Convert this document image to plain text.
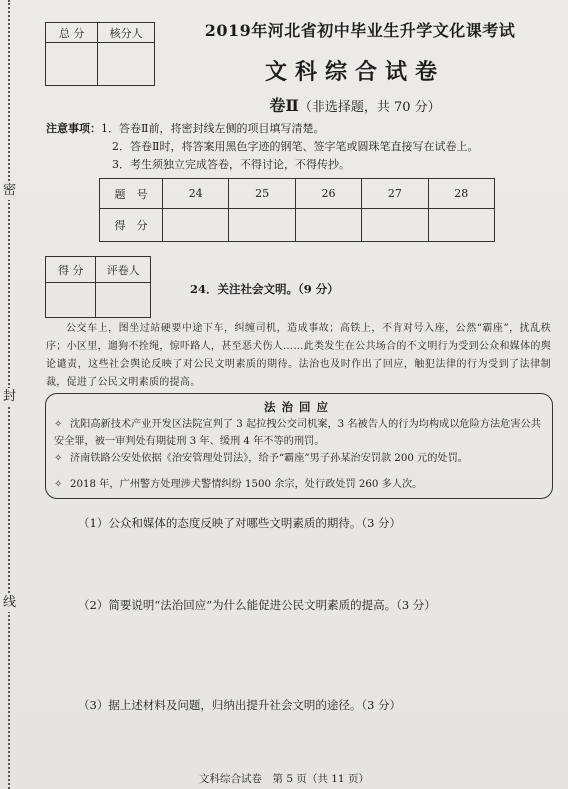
密
封
线
总 分	核分人
		2019年河北省初中毕业生升学文化课考试
文科综合试卷
卷Ⅱ（非选择题，共 70 分）
注意事项：1．答卷Ⅱ前，将密封线左侧的项目填写清楚。
2．答卷Ⅱ时，将答案用黑色字迹的钢笔、签字笔或圆珠笔直接写在试卷上。
3．考生须独立完成答卷，不得讨论，不得传抄。
题　号	24	25	26	27	28
得　分					
得 分	评卷人

24．关注社会文明。（9 分）
公交车上，图坐过站硬要中途下车，纠缠司机，造成事故；高铁上，不肯对号入座，公然“霸座”，扰乱秩序；小区里，遛狗不拴绳，惊吓路人，甚至恶犬伤人……此类发生在公共场合的不文明行为受到公众和媒体的舆论谴责，这些社会舆论反映了对公民文明素质的期待。法治也及时作出了回应，触犯法律的行为受到了法律制裁，促进了公民文明素质的提高。
法治回应
✧ 沈阳高新技术产业开发区法院宣判了 3 起拉拽公交司机案，3 名被告人的行为均构成以危险方法危害公共安全罪，被一审判处有期徒刑 3 年、缓刑 4 年不等的刑罚。
✧ 济南铁路公安处依据《治安管理处罚法》，给予“霸座”男子孙某治安罚款 200 元的处罚。
✧ 2018 年，广州警方处理涉犬警情纠纷 1500 余宗，处行政处罚 260 多人次。
（1）公众和媒体的态度反映了对哪些文明素质的期待。（3 分）
（2）简要说明“法治回应”为什么能促进公民文明素质的提高。（3 分）
（3）据上述材料及问题，归纳出提升社会文明的途径。（3 分）
文科综合试卷　第 5 页（共 11 页）
